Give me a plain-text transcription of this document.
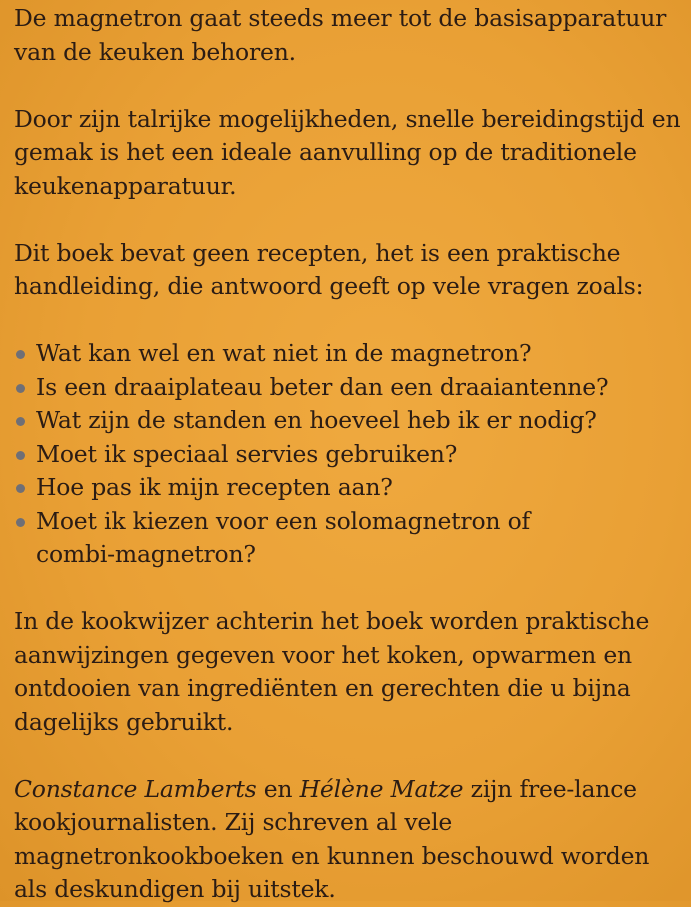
De magnetron gaat steeds meer tot de basisapparatuur
van de keuken behoren.

Door zijn talrijke mogelijkheden, snelle bereidingstijd en
gemak is het een ideale aanvulling op de traditionele
keukenapparatuur.

Dit boek bevat geen recepten, het is een praktische
handleiding, die antwoord geeft op vele vragen zoals:

Wat kan wel en wat niet in de magnetron?
Is een draaiplateau beter dan een draaiantenne?
Wat zijn de standen en hoeveel heb ik er nodig?
Moet ik speciaal servies gebruiken?
Hoe pas ik mijn recepten aan?
Moet ik kiezen voor een solomagnetron of
combi-magnetron?

In de kookwijzer achterin het boek worden praktische
aanwijzingen gegeven voor het koken, opwarmen en
ontdooien van ingrediënten en gerechten die u bijna
dagelijks gebruikt.

Constance Lamberts en Hélène Matze zijn free-lance
kookjournalisten. Zij schreven al vele
magnetronkookboeken en kunnen beschouwd worden
als deskundigen bij uitstek.
